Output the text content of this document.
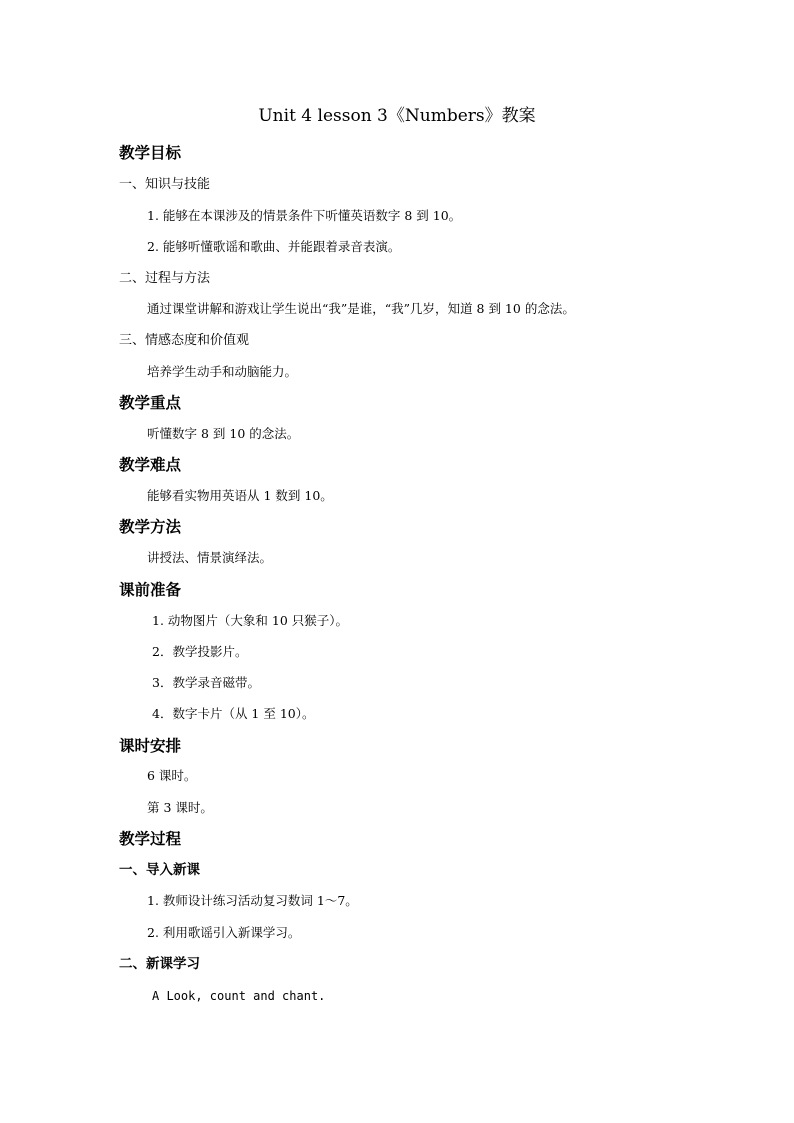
Unit 4 lesson 3《Numbers》教案
教学目标
一、知识与技能
1. 能够在本课涉及的情景条件下听懂英语数字 8 到 10。
2. 能够听懂歌谣和歌曲、并能跟着录音表演。
二、过程与方法
通过课堂讲解和游戏让学生说出“我”是谁，“我”几岁，知道 8 到 10 的念法。
三、情感态度和价值观
培养学生动手和动脑能力。
教学重点
听懂数字 8 到 10 的念法。
教学难点
能够看实物用英语从 1 数到 10。
教学方法
讲授法、情景演绎法。
课前准备
1. 动物图片（大象和 10 只猴子）。
2．教学投影片。
3．教学录音磁带。
4．数字卡片（从 1 至 10）。
课时安排
6 课时。
第 3 课时。
教学过程
一、导入新课
1. 教师设计练习活动复习数词 1～7。
2. 利用歌谣引入新课学习。
二、新课学习
A Look, count and chant.
